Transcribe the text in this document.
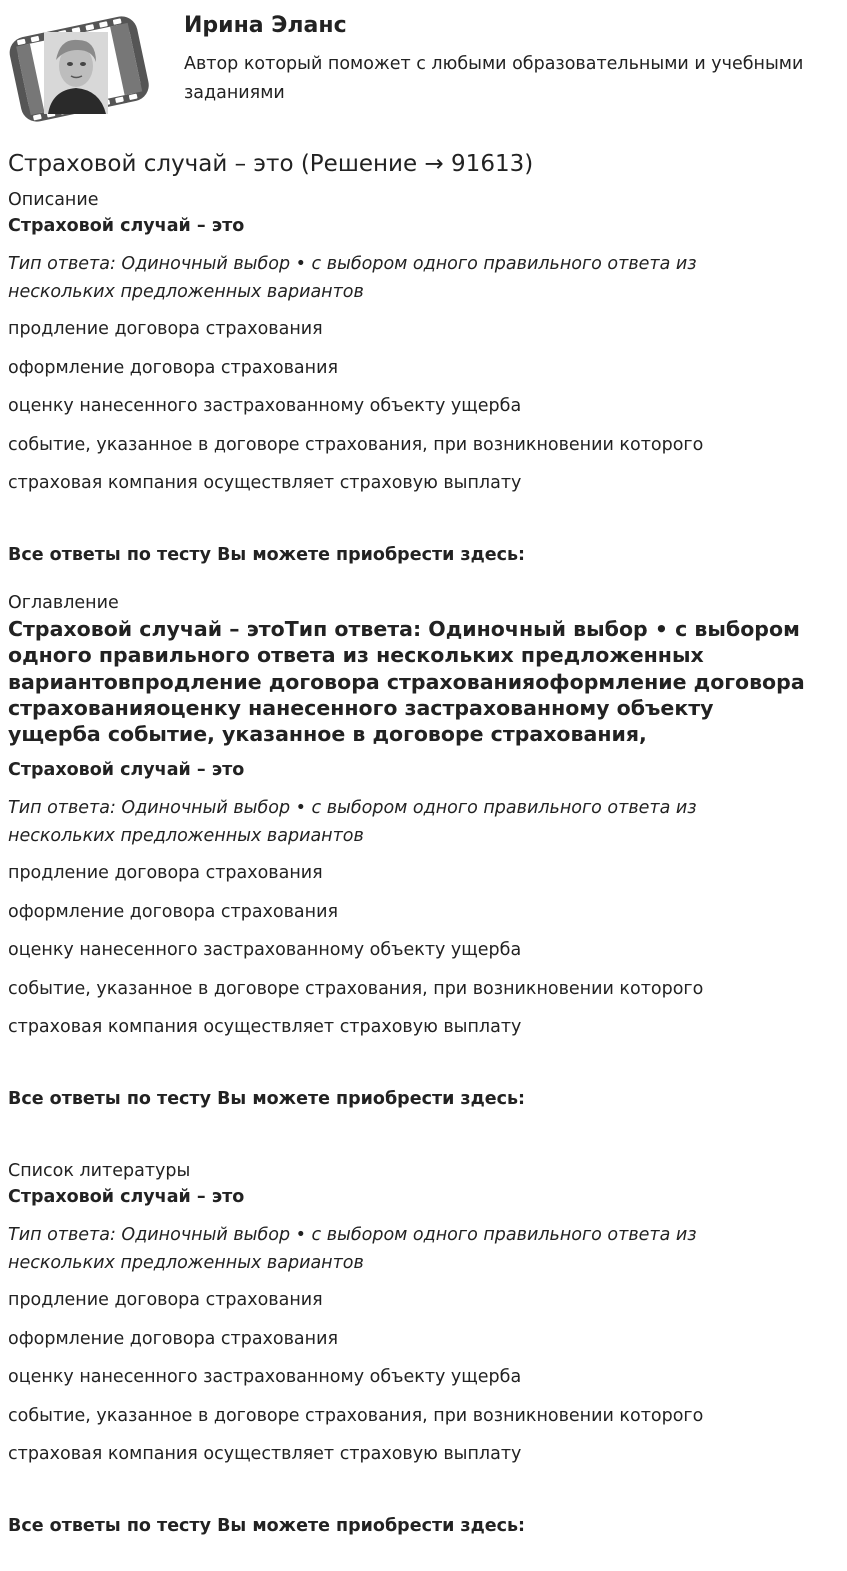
Ирина Эланс
Автор который поможет с любыми образовательными и учебными заданиями
Страховой случай – это (Решение → 91613)
Описание
Страховой случай – это
Тип ответа: Одиночный выбор • с выбором одного правильного ответа из нескольких предложенных вариантов
продление договора страхования
оформление договора страхования
оценку нанесенного застрахованному объекту ущерба
событие, указанное в договоре страхования, при возникновении которого
страховая компания осуществляет страховую выплату
Все ответы по тесту Вы можете приобрести здесь:
Оглавление
Страховой случай – этоТип ответа: Одиночный выбор • с выбором одного правильного ответа из нескольких предложенных вариантовпродление договора страхованияоформление договора страхованияоценку нанесенного застрахованному объекту ущерба событие, указанное в договоре страхования,
Страховой случай – это
Тип ответа: Одиночный выбор • с выбором одного правильного ответа из нескольких предложенных вариантов
продление договора страхования
оформление договора страхования
оценку нанесенного застрахованному объекту ущерба
событие, указанное в договоре страхования, при возникновении которого
страховая компания осуществляет страховую выплату
Все ответы по тесту Вы можете приобрести здесь:
Список литературы
Страховой случай – это
Тип ответа: Одиночный выбор • с выбором одного правильного ответа из нескольких предложенных вариантов
продление договора страхования
оформление договора страхования
оценку нанесенного застрахованному объекту ущерба
событие, указанное в договоре страхования, при возникновении которого
страховая компания осуществляет страховую выплату
Все ответы по тесту Вы можете приобрести здесь:
